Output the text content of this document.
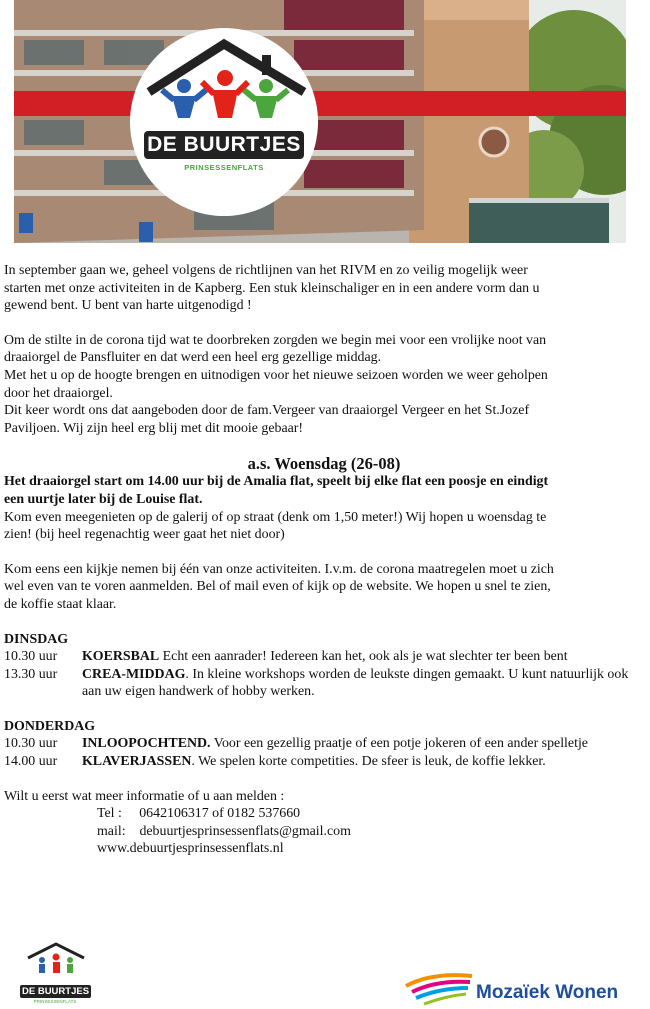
DE BUURTJES
PRINSESSENFLATS

In september gaan we, geheel volgens de richtlijnen van het RIVM en zo veilig mogelijk weer

starten met onze activiteiten in de Kapberg. Een stuk kleinschaliger en in een andere vorm dan u

gewend bent. U bent van harte uitgenodigd !

Om de stilte in de corona tijd wat te doorbreken zorgden we begin mei voor een vrolijke noot van

draaiorgel de Pansfluiter en dat werd een heel erg gezellige middag.

Met het u op de hoogte brengen en uitnodigen voor het nieuwe seizoen worden we weer geholpen

door het draaiorgel.

Dit keer wordt ons dat aangeboden door de fam.Vergeer van draaiorgel Vergeer en het St.Jozef

Paviljoen. Wij zijn heel erg blij met dit mooie gebaar!

a.s. Woensdag (26-08)

Het draaiorgel start om 14.00 uur bij de Amalia flat, speelt bij elke flat een poosje en eindigt

een uurtje later bij de Louise flat.

Kom even meegenieten op de galerij of op straat (denk om 1,50 meter!) Wij hopen u woensdag te

zien! (bij heel regenachtig weer gaat het niet door)

Kom eens een kijkje nemen bij één van onze activiteiten. I.v.m. de corona maatregelen moet u zich

wel even van te voren aanmelden. Bel of mail even of kijk op de website. We hopen u snel te zien,

de koffie staat klaar.

DINSDAG

10.30 uur	KOERSBAL Echt een aanrader! Iedereen kan het, ook als je wat slechter ter been bent
13.30 uur	CREA-MIDDAG. In kleine workshops worden de leukste dingen gemaakt. U kunt natuurlijk ook aan uw eigen handwerk of hobby werken.

DONDERDAG

10.30 uur	INLOOPOCHTEND. Voor een gezellig praatje of een potje jokeren of een ander spelletje
14.00 uur	KLAVERJASSEN. We spelen korte competities. De sfeer is leuk, de koffie lekker.

Wilt u eerst wat meer informatie of u aan melden :

Tel :     0642106317 of 0182 537660

mail:    debuurtjesprinsessenflats@gmail.com

www.debuurtjesprinsessenflats.nl

DE BUURTJES
PRINSESSENFLATS	Mozaïek Wonen
